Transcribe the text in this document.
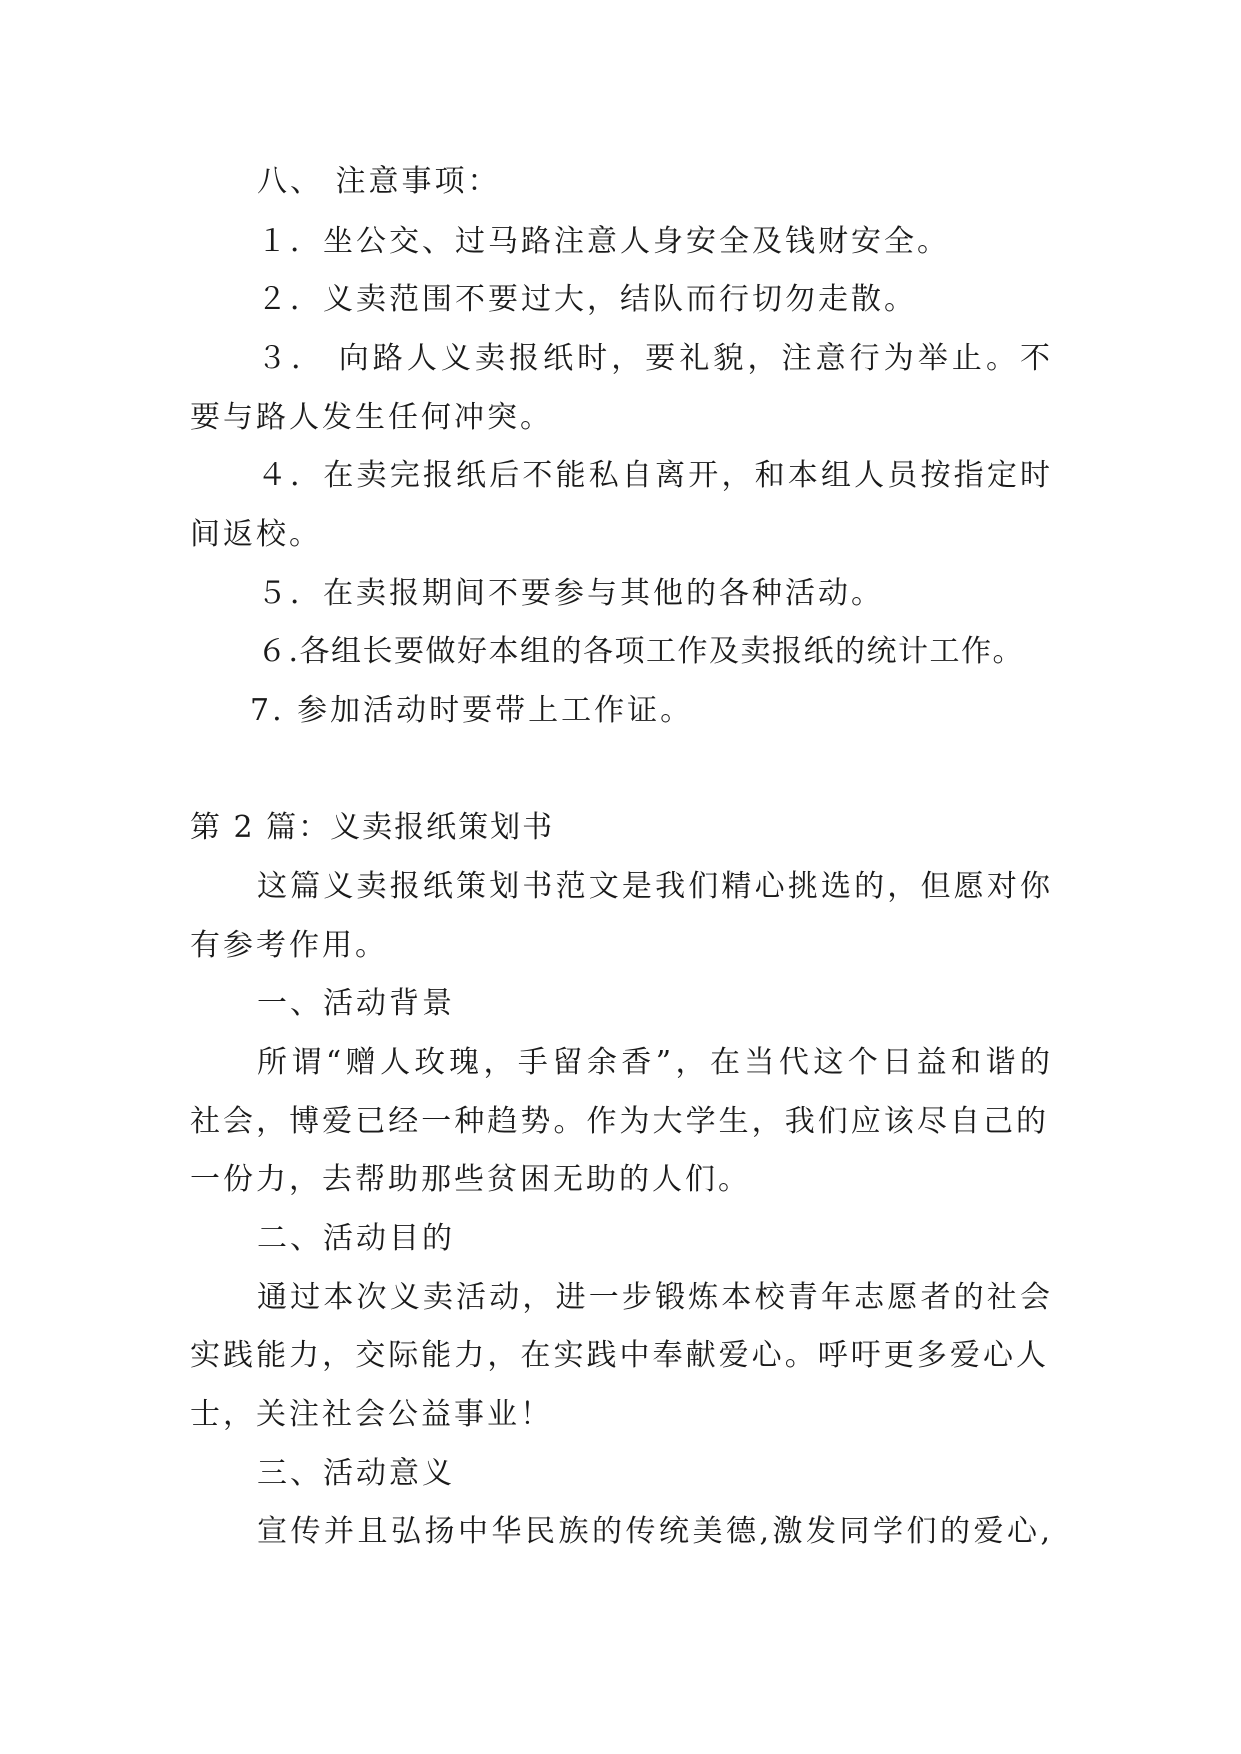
八、 注意事项：
１．坐公交、过马路注意人身安全及钱财安全。
２．义卖范围不要过大，结队而行切勿走散。
３． 向路人义卖报纸时，要礼貌，注意行为举止。不
要与路人发生任何冲突。
４．在卖完报纸后不能私自离开，和本组人员按指定时
间返校。
５．在卖报期间不要参与其他的各种活动。
６.各组长要做好本组的各项工作及卖报纸的统计工作。
7. 参加活动时要带上工作证。
第 2 篇：义卖报纸策划书
这篇义卖报纸策划书范文是我们精心挑选的，但愿对你
有参考作用。
一、活动背景
所谓“赠人玫瑰，手留余香”，在当代这个日益和谐的
社会，博爱已经一种趋势。作为大学生，我们应该尽自己的
一份力，去帮助那些贫困无助的人们。
二、活动目的
通过本次义卖活动，进一步锻炼本校青年志愿者的社会
实践能力，交际能力，在实践中奉献爱心。呼吁更多爱心人
士，关注社会公益事业！
三、活动意义
宣传并且弘扬中华民族的传统美德,激发同学们的爱心,
